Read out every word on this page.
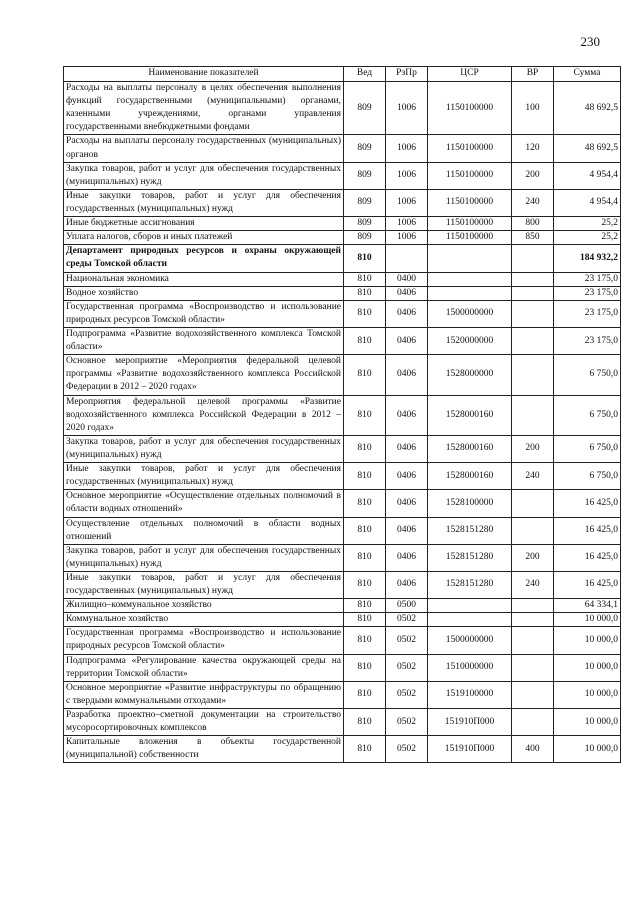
230
Наименование показателей	Вед	РзПр	ЦСР	ВР	Сумма
Расходы на выплаты персоналу в целях обеспечения выполнения функций государственными (муниципальными) органами, казенными учреждениями, органами управления государственными внебюджетными фондами	809	1006	1150100000	100	48 692,5
Расходы на выплаты персоналу государственных (муниципальных) органов	809	1006	1150100000	120	48 692,5
Закупка товаров, работ и услуг для обеспечения государственных (муниципальных) нужд	809	1006	1150100000	200	4 954,4
Иные закупки товаров, работ и услуг для обеспечения государственных (муниципальных) нужд	809	1006	1150100000	240	4 954,4
Иные бюджетные ассигнования	809	1006	1150100000	800	25,2
Уплата налогов, сборов и иных платежей	809	1006	1150100000	850	25,2
Департамент природных ресурсов и охраны окружающей среды Томской области	810				184 932,2
Национальная экономика	810	0400			23 175,0
Водное хозяйство	810	0406			23 175,0
Государственная программа «Воспроизводство и использование природных ресурсов Томской области»	810	0406	1500000000		23 175,0
Подпрограмма «Развитие водохозяйственного комплекса Томской области»	810	0406	1520000000		23 175,0
Основное мероприятие «Мероприятия федеральной целевой программы «Развитие водохозяйственного комплекса Российской Федерации в 2012 – 2020 годах»	810	0406	1528000000		6 750,0
Мероприятия федеральной целевой программы «Развитие водохозяйственного комплекса Российской Федерации в 2012 – 2020 годах»	810	0406	1528000160		6 750,0
Закупка товаров, работ и услуг для обеспечения государственных (муниципальных) нужд	810	0406	1528000160	200	6 750,0
Иные закупки товаров, работ и услуг для обеспечения государственных (муниципальных) нужд	810	0406	1528000160	240	6 750,0
Основное мероприятие «Осуществление отдельных полномочий в области водных отношений»	810	0406	1528100000		16 425,0
Осуществление отдельных полномочий в области водных отношений	810	0406	1528151280		16 425,0
Закупка товаров, работ и услуг для обеспечения государственных (муниципальных) нужд	810	0406	1528151280	200	16 425,0
Иные закупки товаров, работ и услуг для обеспечения государственных (муниципальных) нужд	810	0406	1528151280	240	16 425,0
Жилищно–коммунальное хозяйство	810	0500			64 334,1
Коммунальное хозяйство	810	0502			10 000,0
Государственная программа «Воспроизводство и использование природных ресурсов Томской области»	810	0502	1500000000		10 000,0
Подпрограмма «Регулирование качества окружающей среды на территории Томской области»	810	0502	1510000000		10 000,0
Основное мероприятие «Развитие инфраструктуры по обращению с твердыми коммунальными отходами»	810	0502	1519100000		10 000,0
Разработка проектно–сметной документации на строительство мусоросортировочных комплексов	810	0502	151910П000		10 000,0
Капитальные вложения в объекты государственной (муниципальной) собственности	810	0502	151910П000	400	10 000,0
